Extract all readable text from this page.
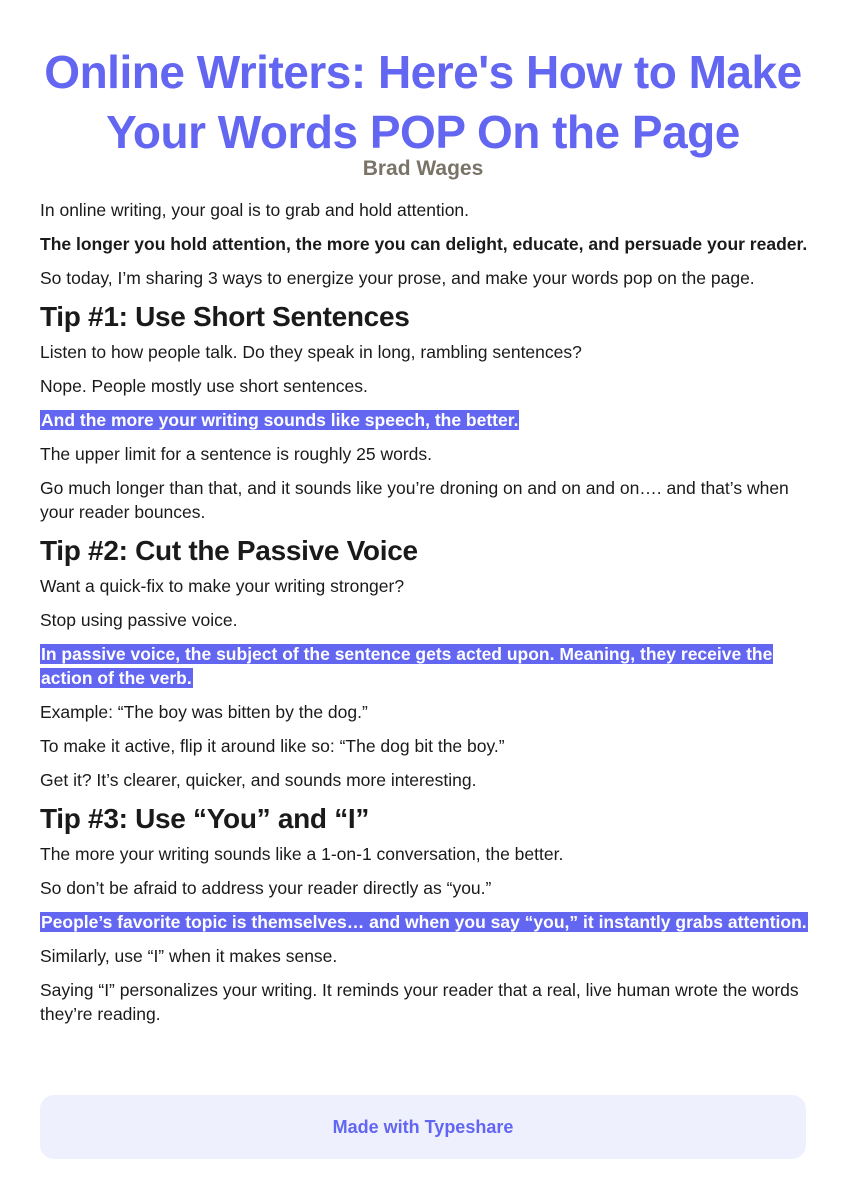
Online Writers: Here's How to Make Your Words POP On the Page
Brad Wages

In online writing, your goal is to grab and hold attention.

The longer you hold attention, the more you can delight, educate, and persuade your reader.

So today, I’m sharing 3 ways to energize your prose, and make your words pop on the page.

Tip #1: Use Short Sentences

Listen to how people talk. Do they speak in long, rambling sentences?

Nope. People mostly use short sentences.

And the more your writing sounds like speech, the better.

The upper limit for a sentence is roughly 25 words.

Go much longer than that, and it sounds like you’re droning on and on and on…. and that’s when your reader bounces.

Tip #2: Cut the Passive Voice

Want a quick-fix to make your writing stronger?

Stop using passive voice.

In passive voice, the subject of the sentence gets acted upon. Meaning, they receive the action of the verb.

Example: “The boy was bitten by the dog.”

To make it active, flip it around like so: “The dog bit the boy.”

Get it? It’s clearer, quicker, and sounds more interesting.

Tip #3: Use “You” and “I”

The more your writing sounds like a 1-on-1 conversation, the better.

So don’t be afraid to address your reader directly as “you.”

People’s favorite topic is themselves… and when you say “you,” it instantly grabs attention.

Similarly, use “I” when it makes sense.

Saying “I” personalizes your writing. It reminds your reader that a real, live human wrote the words they’re reading.

Made with Typeshare
